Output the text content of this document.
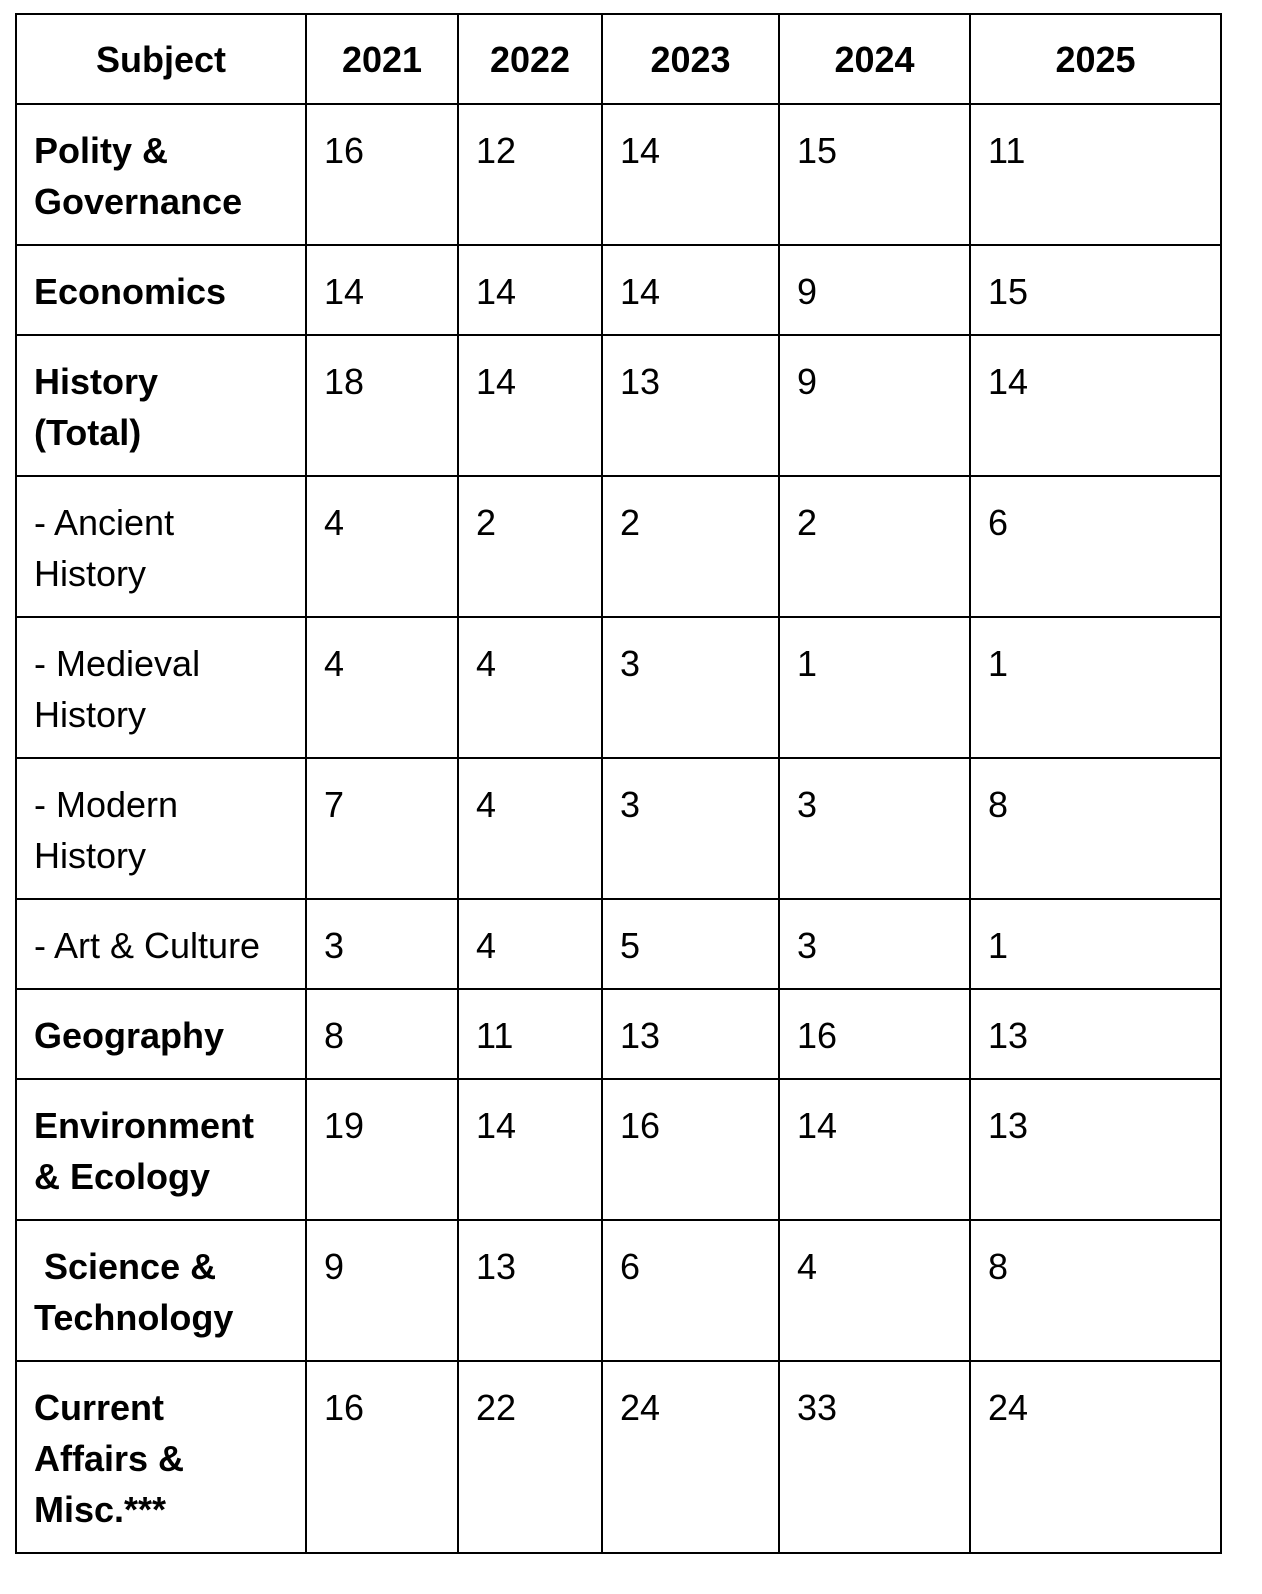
Subject	2021	2022	2023	2024	2025

Polity &
Governance	16	12	14	15	11

Economics	14	14	14	9	15

History
(Total)	18	14	13	9	14

- Ancient
History	4	2	2	2	6

- Medieval
History	4	4	3	1	1

- Modern
History	7	4	3	3	8

- Art & Culture	3	4	5	3	1

Geography	8	11	13	16	13

Environment
& Ecology	19	14	16	14	13

Science &
Technology	9	13	6	4	8

Current
Affairs &
Misc.***	16	22	24	33	24
